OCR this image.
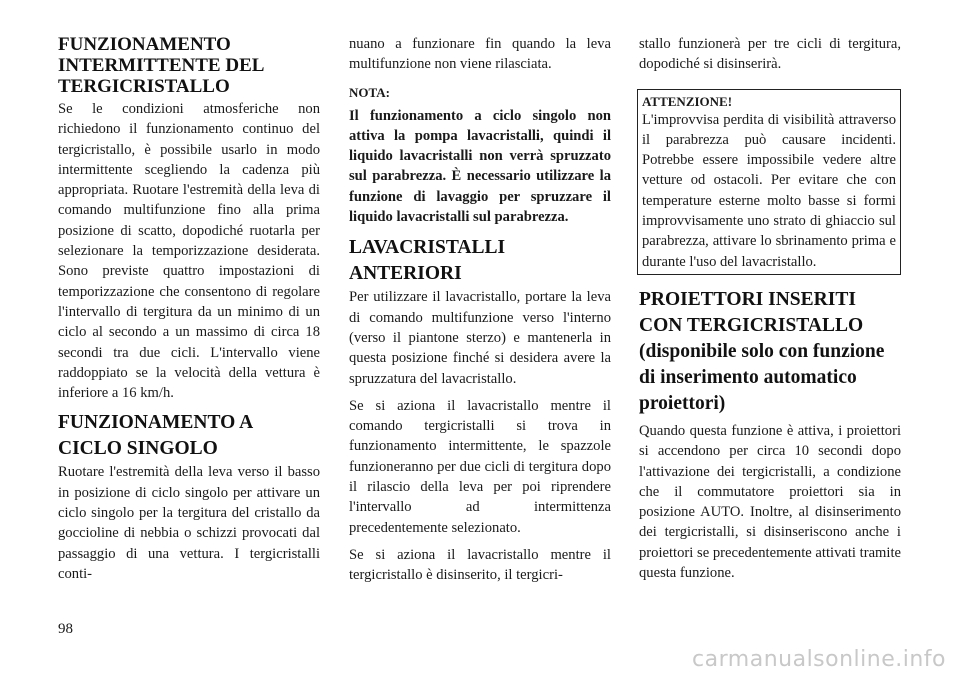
FUNZIONAMENTO INTERMITTENTE DEL TERGICRISTALLO

Se le condizioni atmosferiche non richiedono il funzionamento continuo del tergicristallo, è possibile usarlo in modo intermittente scegliendo la cadenza più appropriata. Ruotare l'estremità della leva di comando multifunzione fino alla prima posizione di scatto, dopodiché ruotarla per selezionare la temporizzazione desiderata. Sono previste quattro impostazioni di temporizzazione che consentono di regolare l'intervallo di tergitura da un minimo di un ciclo al secondo a un massimo di circa 18 secondi tra due cicli. L'intervallo viene raddoppiato se la velocità della vettura è inferiore a 16 km/h.

FUNZIONAMENTO A CICLO SINGOLO

Ruotare l'estremità della leva verso il basso in posizione di ciclo singolo per attivare un ciclo singolo per la tergitura del cristallo da goccioline di nebbia o schizzi provocati dal passaggio di una vettura. I tergicristalli conti-

nuano a funzionare fin quando la leva multifunzione non viene rilasciata.

NOTA:

Il funzionamento a ciclo singolo non attiva la pompa lavacristalli, quindi il liquido lavacristalli non verrà spruzzato sul parabrezza. È necessario utilizzare la funzione di lavaggio per spruzzare il liquido lavacristalli sul parabrezza.

LAVACRISTALLI ANTERIORI

Per utilizzare il lavacristallo, portare la leva di comando multifunzione verso l'interno (verso il piantone sterzo) e mantenerla in questa posizione finché si desidera avere la spruzzatura del lavacristallo.

Se si aziona il lavacristallo mentre il comando tergicristalli si trova in funzionamento intermittente, le spazzole funzioneranno per due cicli di tergitura dopo il rilascio della leva per poi riprendere l'intervallo ad intermittenza precedentemente selezionato.

Se si aziona il lavacristallo mentre il tergicristallo è disinserito, il tergicri-

stallo funzionerà per tre cicli di tergitura, dopodiché si disinserirà.

ATTENZIONE!

L'improvvisa perdita di visibilità attraverso il parabrezza può causare incidenti. Potrebbe essere impossibile vedere altre vetture od ostacoli. Per evitare che con temperature esterne molto basse si formi improvvisamente uno strato di ghiaccio sul parabrezza, attivare lo sbrinamento prima e durante l'uso del lavacristallo.

PROIETTORI INSERITI CON TERGICRISTALLO (disponibile solo con funzione di inserimento automatico proiettori)

Quando questa funzione è attiva, i proiettori si accendono per circa 10 secondi dopo l'attivazione dei tergicristalli, a condizione che il commutatore proiettori sia in posizione AUTO. Inoltre, al disinserimento dei tergicristalli, si disinseriscono anche i proiettori se precedentemente attivati tramite questa funzione.

98
carmanualsonline.info
